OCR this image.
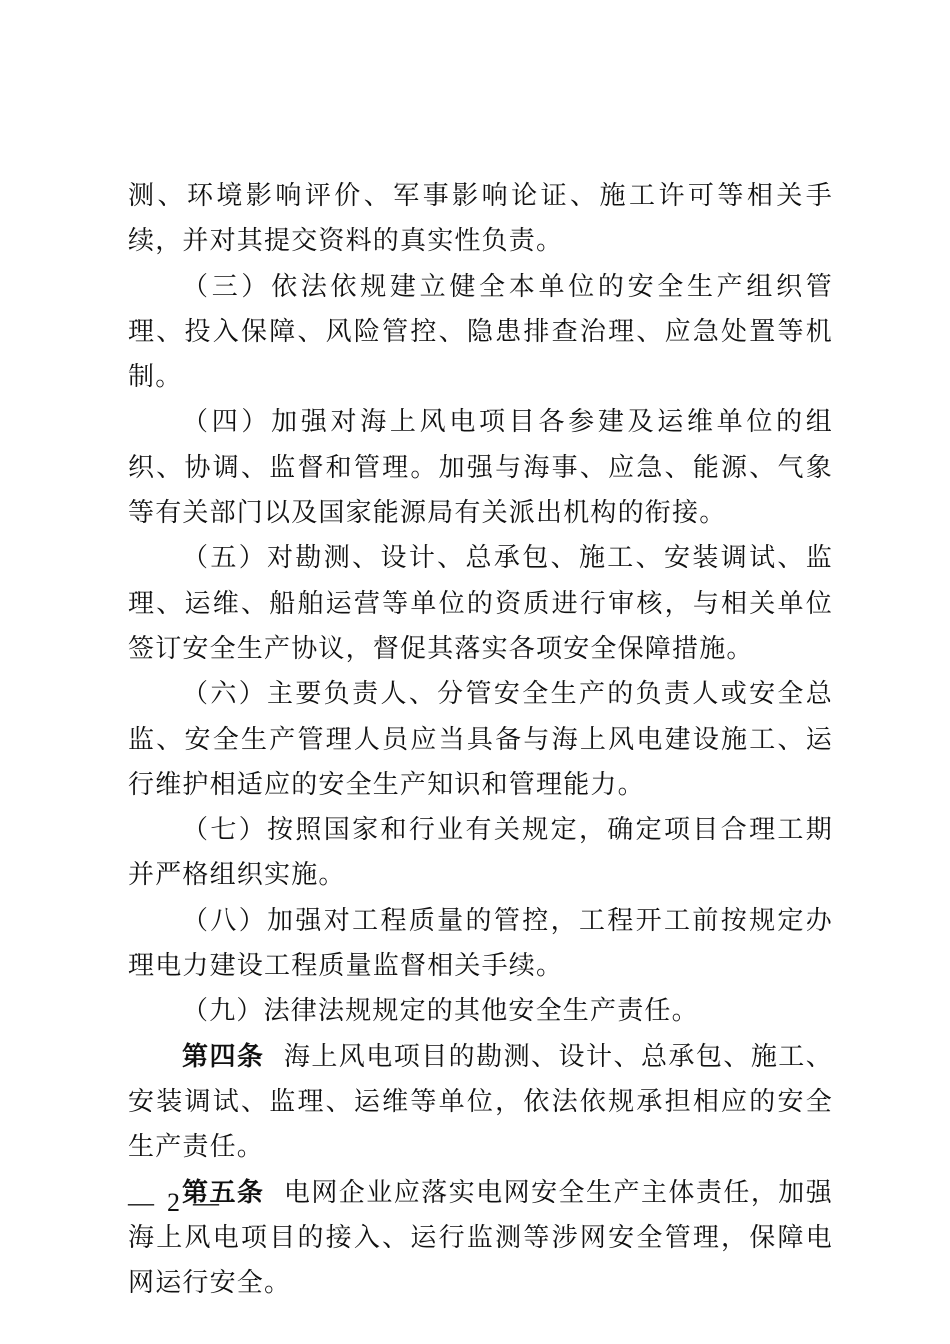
测、环境影响评价、军事影响论证、施工许可等相关手续，并对其提交资料的真实性负责。

（三）依法依规建立健全本单位的安全生产组织管理、投入保障、风险管控、隐患排查治理、应急处置等机制。

（四）加强对海上风电项目各参建及运维单位的组织、协调、监督和管理。加强与海事、应急、能源、气象等有关部门以及国家能源局有关派出机构的衔接。

（五）对勘测、设计、总承包、施工、安装调试、监理、运维、船舶运营等单位的资质进行审核，与相关单位签订安全生产协议，督促其落实各项安全保障措施。

（六）主要负责人、分管安全生产的负责人或安全总监、安全生产管理人员应当具备与海上风电建设施工、运行维护相适应的安全生产知识和管理能力。

（七）按照国家和行业有关规定，确定项目合理工期并严格组织实施。

（八）加强对工程质量的管控，工程开工前按规定办理电力建设工程质量监督相关手续。

（九）法律法规规定的其他安全生产责任。

第四条 海上风电项目的勘测、设计、总承包、施工、安装调试、监理、运维等单位，依法依规承担相应的安全生产责任。

第五条 电网企业应落实电网安全生产主体责任，加强海上风电项目的接入、运行监测等涉网安全管理，保障电网运行安全。

—  2  —
